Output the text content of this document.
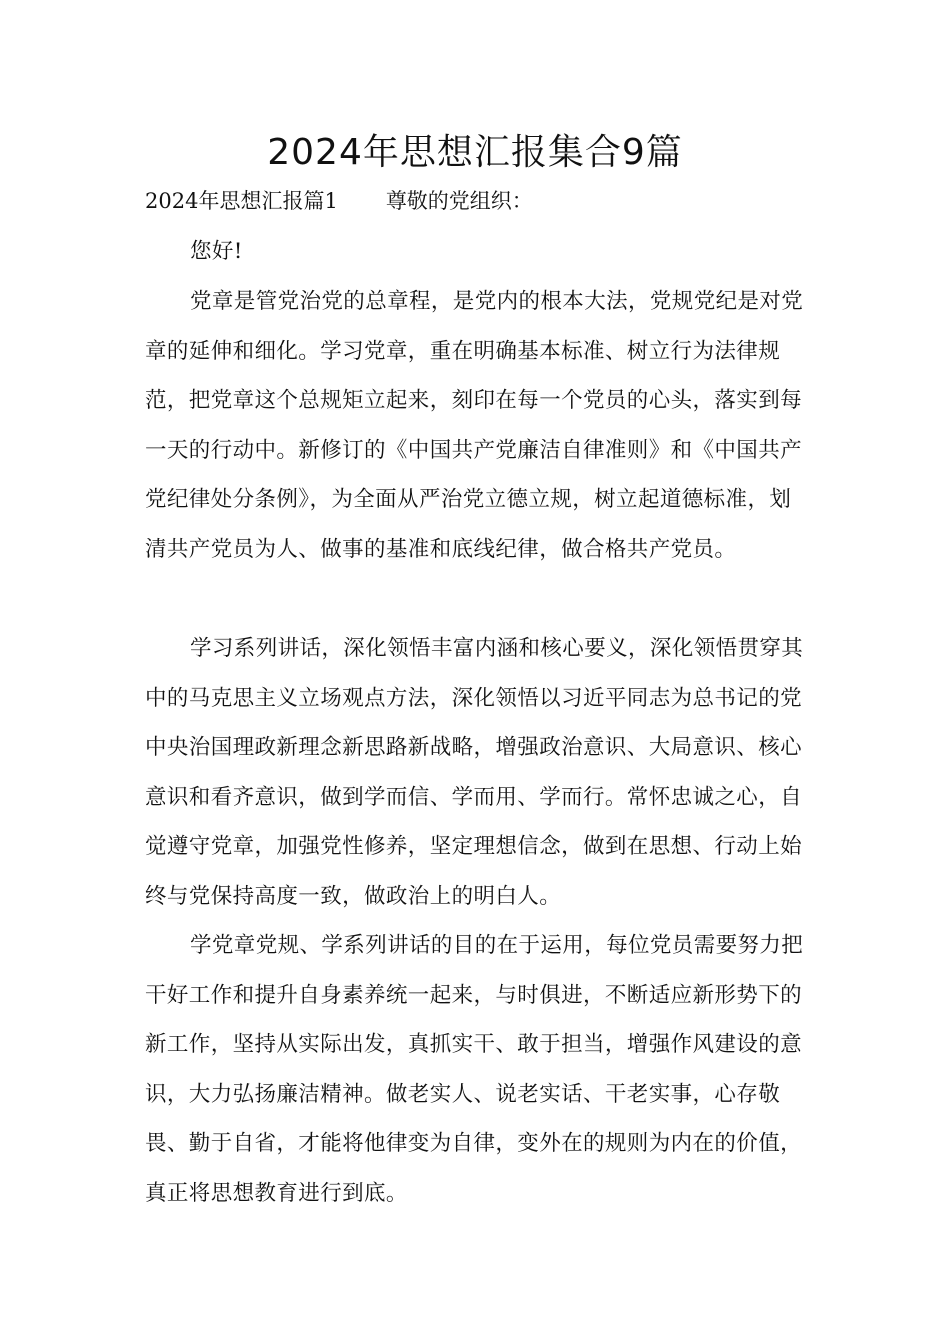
2024年思想汇报集合9篇
2024年思想汇报篇1 尊敬的党组织：

您好!

党章是管党治党的总章程，是党内的根本大法，党规党纪是对党章的延伸和细化。学习党章，重在明确基本标准、树立行为法律规范，把党章这个总规矩立起来，刻印在每一个党员的心头，落实到每一天的行动中。新修订的《中国共产党廉洁自律准则》和《中国共产党纪律处分条例》，为全面从严治党立德立规，树立起道德标准，划清共产党员为人、做事的基准和底线纪律，做合格共产党员。

学习系列讲话，深化领悟丰富内涵和核心要义，深化领悟贯穿其中的马克思主义立场观点方法，深化领悟以习近平同志为总书记的党中央治国理政新理念新思路新战略，增强政治意识、大局意识、核心意识和看齐意识，做到学而信、学而用、学而行。常怀忠诚之心，自觉遵守党章，加强党性修养，坚定理想信念，做到在思想、行动上始终与党保持高度一致，做政治上的明白人。

学党章党规、学系列讲话的目的在于运用，每位党员需要努力把干好工作和提升自身素养统一起来，与时俱进，不断适应新形势下的新工作，坚持从实际出发，真抓实干、敢于担当，增强作风建设的意识，大力弘扬廉洁精神。做老实人、说老实话、干老实事，心存敬畏、勤于自省，才能将他律变为自律，变外在的规则为内在的价值，真正将思想教育进行到底。
